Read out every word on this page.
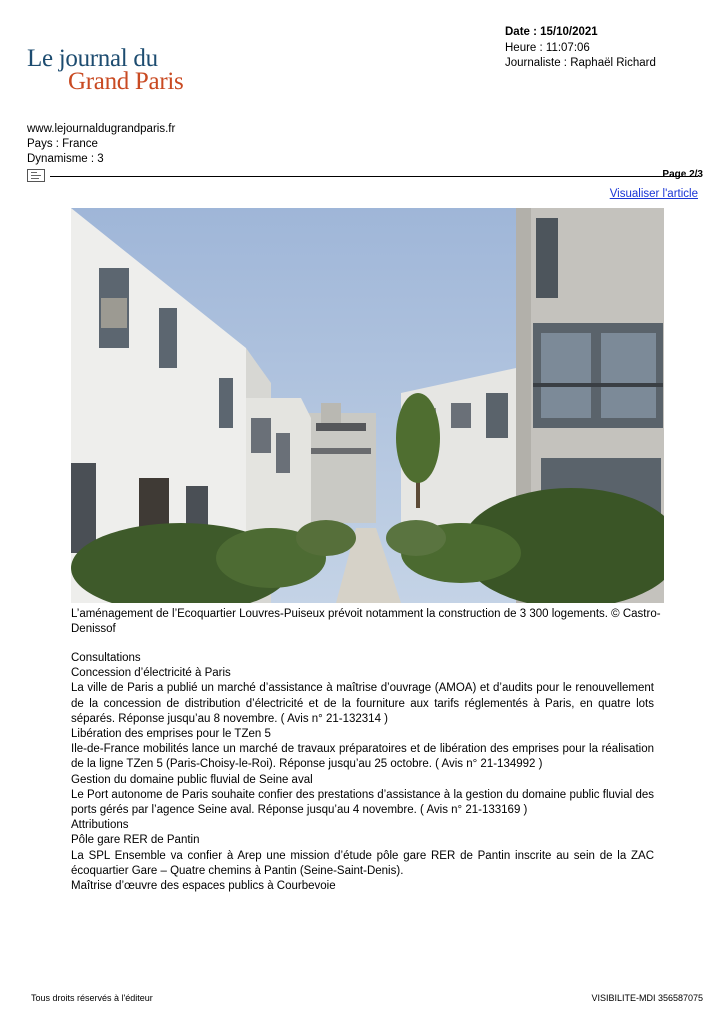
Le journal du
Grand Paris
Date : 15/10/2021
Heure : 11:07:06
Journaliste : Raphaël Richard
www.lejournaldugrandparis.fr
Pays : France
Dynamisme : 3
Page 2/3
Visualiser l'article
L’aménagement de l’Ecoquartier Louvres-Puiseux prévoit notamment la construction de 3 300 logements. © Castro-Denissof

Consultations

Concession d’électricité à Paris

La ville de Paris a publié un marché d’assistance à maîtrise d’ouvrage (AMOA) et d’audits pour le renouvellement de la concession de distribution d’électricité et de la fourniture aux tarifs réglementés à Paris, en quatre lots séparés. Réponse jusqu’au 8 novembre. ( Avis n° 21-132314 )

Libération des emprises pour le TZen 5

Ile-de-France mobilités lance un marché de travaux préparatoires et de libération des emprises pour la réalisation de la ligne TZen 5 (Paris-Choisy-le-Roi). Réponse jusqu’au 25 octobre. ( Avis n° 21-134992 )

Gestion du domaine public fluvial de Seine aval

Le Port autonome de Paris souhaite confier des prestations d’assistance à la gestion du domaine public fluvial des ports gérés par l’agence Seine aval. Réponse jusqu’au 4 novembre. ( Avis n° 21-133169 )

Attributions

Pôle gare RER de Pantin

La SPL Ensemble va confier à Arep une mission d’étude pôle gare RER de Pantin inscrite au sein de la ZAC écoquartier Gare – Quatre chemins à Pantin (Seine-Saint-Denis).

Maîtrise d’œuvre des espaces publics à Courbevoie

Tous droits réservés à l'éditeur	VISIBILITE-MDI 356587075
